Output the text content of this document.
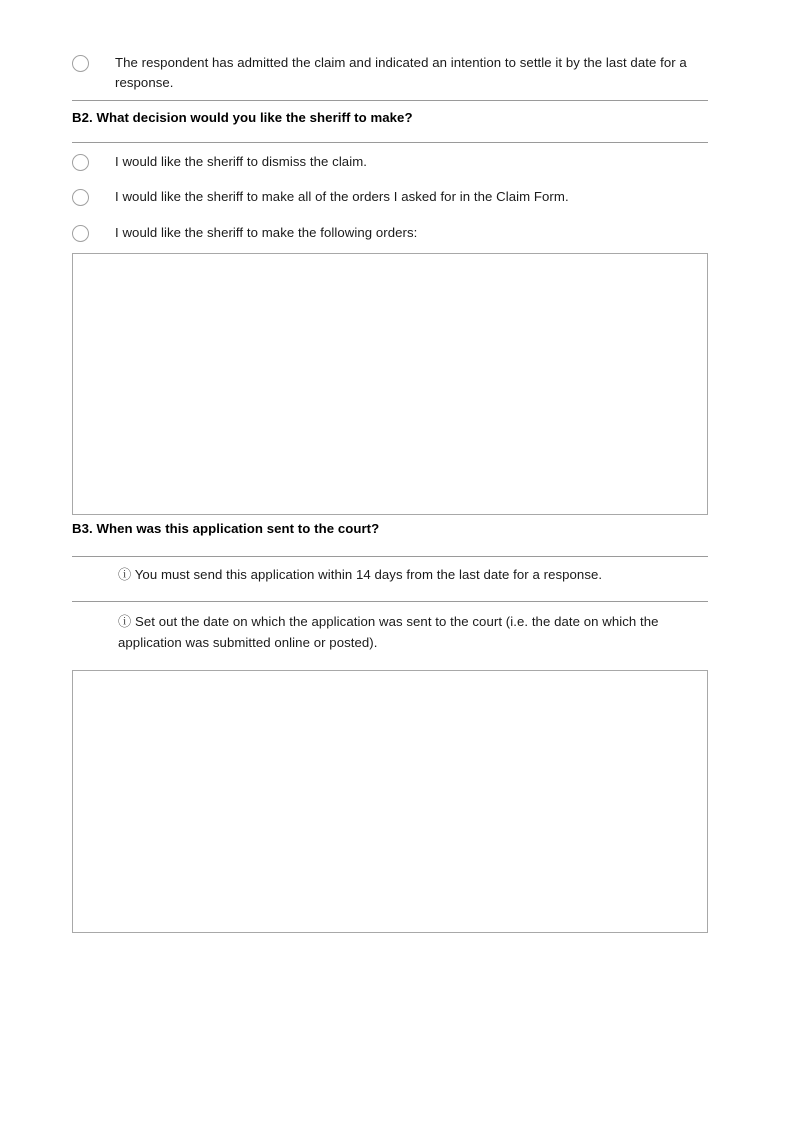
The respondent has admitted the claim and indicated an intention to settle it by the last date for a response.
B2. What decision would you like the sheriff to make?
I would like the sheriff to dismiss the claim.
I would like the sheriff to make all of the orders I asked for in the Claim Form.
I would like the sheriff to make the following orders:
B3. When was this application sent to the court?
ⓘ You must send this application within 14 days from the last date for a response.
ⓘ Set out the date on which the application was sent to the court (i.e. the date on which the application was submitted online or posted).
